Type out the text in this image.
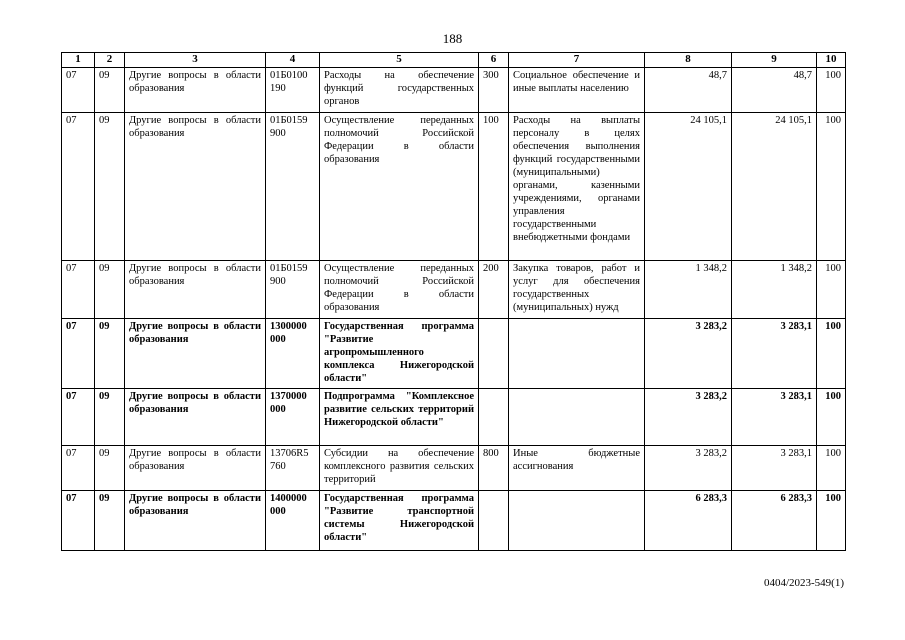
188
1	2	3	4	5	6	7	8	9	10
07	09	Другие вопросы в области образования	01Б0100 190	Расходы на обеспечение функций государственных органов	300	Социальное обеспечение и иные выплаты населению	48,7	48,7	100
07	09	Другие вопросы в области образования	01Б0159 900	Осуществление переданных полномочий Российской Федерации в области образования	100	Расходы на выплаты персоналу в целях обеспечения выполнения функций государственными (муниципальными) органами, казенными учреждениями, органами управления государственными внебюджетными фондами	24 105,1	24 105,1	100
07	09	Другие вопросы в области образования	01Б0159 900	Осуществление переданных полномочий Российской Федерации в области образования	200	Закупка товаров, работ и услуг для обеспечения государственных (муниципальных) нужд	1 348,2	1 348,2	100
07	09	Другие вопросы в области образования	1300000 000	Государственная программа "Развитие агропромышленного комплекса Нижегородской области"			3 283,2	3 283,1	100
07	09	Другие вопросы в области образования	1370000 000	Подпрограмма "Комплексное развитие сельских территорий Нижегородской области"			3 283,2	3 283,1	100
07	09	Другие вопросы в области образования	13706R5 760	Субсидии на обеспечение комплексного развития сельских территорий	800	Иные бюджетные ассигнования	3 283,2	3 283,1	100
07	09	Другие вопросы в области образования	1400000 000	Государственная программа "Развитие транспортной системы Нижегородской области"			6 283,3	6 283,3	100
0404/2023-549(1)
